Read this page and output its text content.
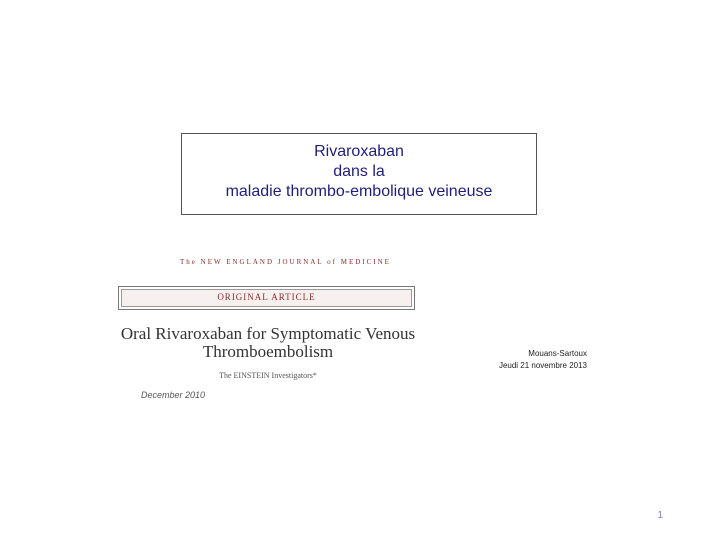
Rivaroxaban
dans la
maladie thrombo-embolique veineuse
The NEW ENGLAND JOURNAL of MEDICINE
ORIGINAL ARTICLE
Oral Rivaroxaban for Symptomatic Venous
Thromboembolism
The EINSTEIN Investigators*
December 2010
Mouans-Sartoux
Jeudi 21 novembre 2013
1
